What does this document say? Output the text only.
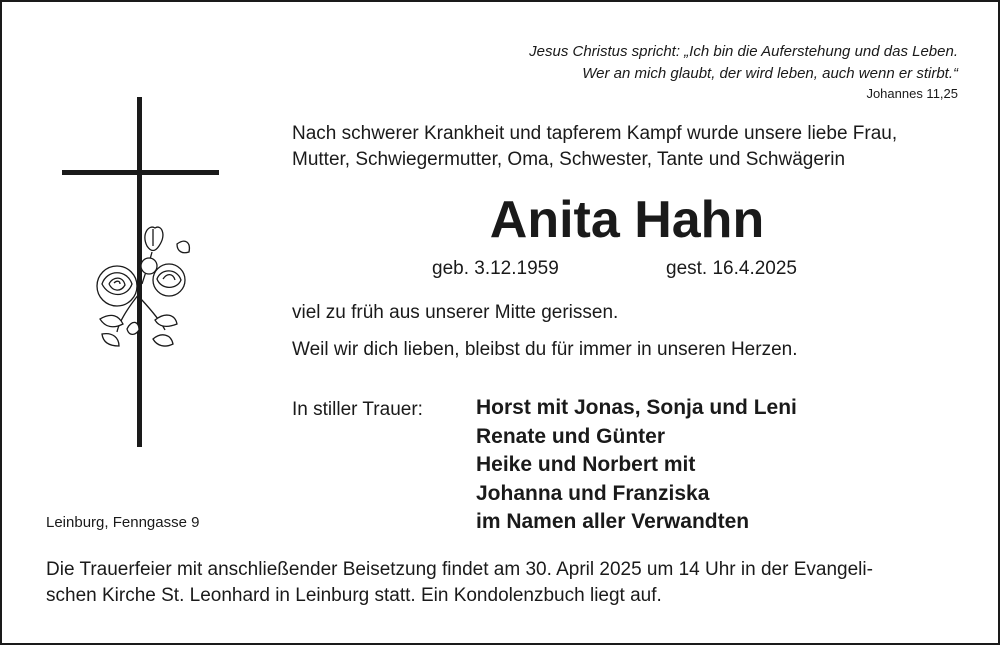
Jesus Christus spricht: „Ich bin die Auferstehung und das Leben.
Wer an mich glaubt, der wird leben, auch wenn er stirbt.“
Johannes 11,25
Nach schwerer Krankheit und tapferem Kampf wurde unsere liebe Frau,
Mutter, Schwiegermutter, Oma, Schwester, Tante und Schwägerin
Anita Hahn
geb. 3.12.1959	gest. 16.4.2025
viel zu früh aus unserer Mitte gerissen.
Weil wir dich lieben, bleibst du für immer in unseren Herzen.
In stiller Trauer:	Horst mit Jonas, Sonja und Leni
Renate und Günter
Heike und Norbert mit
Johanna und Franziska
im Namen aller Verwandten
Leinburg, Fenngasse 9
Die Trauerfeier mit anschließender Beisetzung findet am 30. April 2025 um 14 Uhr in der Evangeli-
schen Kirche St. Leonhard in Leinburg statt. Ein Kondolenzbuch liegt auf.
